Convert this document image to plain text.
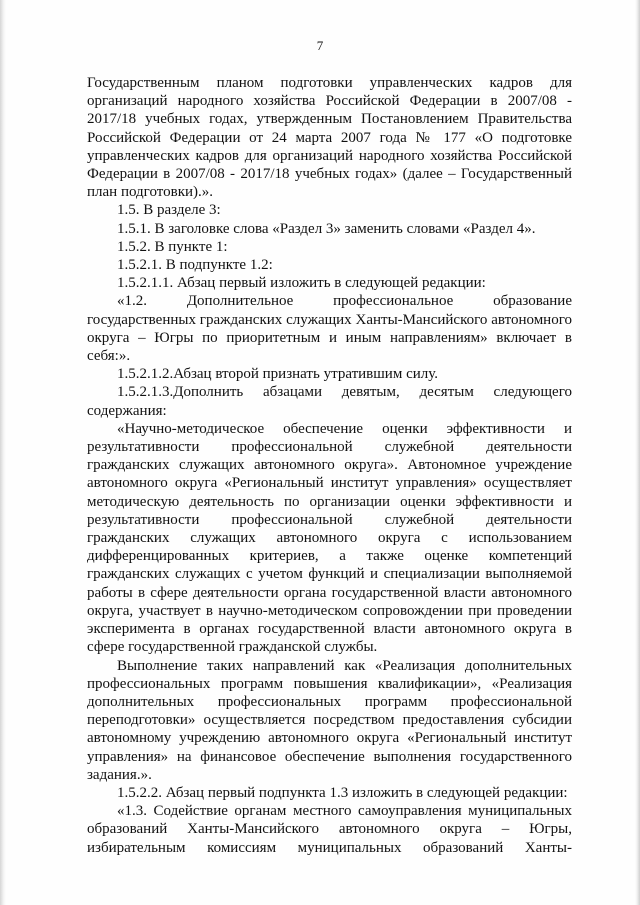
7

Государственным планом подготовки управленческих кадров для организаций народного хозяйства Российской Федерации в 2007/08 - 2017/18 учебных годах, утвержденным Постановлением Правительства Российской Федерации от 24 марта 2007 года № 177 «О подготовке управленческих кадров для организаций народного хозяйства Российской Федерации в 2007/08 - 2017/18 учебных годах» (далее – Государственный план подготовки).».

1.5. В разделе 3:

1.5.1. В заголовке слова «Раздел 3» заменить словами «Раздел 4».

1.5.2. В пункте 1:

1.5.2.1. В подпункте 1.2:

1.5.2.1.1. Абзац первый изложить в следующей редакции:

«1.2. Дополнительное профессиональное образование государственных гражданских служащих Ханты-Мансийского автономного округа – Югры по приоритетным и иным направлениям» включает в себя:».

1.5.2.1.2.Абзац второй признать утратившим силу.

1.5.2.1.3.Дополнить абзацами девятым, десятым следующего содержания:

«Научно-методическое обеспечение оценки эффективности и результативности профессиональной служебной деятельности гражданских служащих автономного округа». Автономное учреждение автономного округа «Региональный институт управления» осуществляет методическую деятельность по организации оценки эффективности и результативности профессиональной служебной деятельности гражданских служащих автономного округа с использованием дифференцированных критериев, а также оценке компетенций гражданских служащих с учетом функций и специализации выполняемой работы в сфере деятельности органа государственной власти автономного округа, участвует в научно-методическом сопровождении при проведении эксперимента в органах государственной власти автономного округа в сфере государственной гражданской службы.

Выполнение таких направлений как «Реализация дополнительных профессиональных программ повышения квалификации», «Реализация дополнительных профессиональных программ профессиональной переподготовки» осуществляется посредством предоставления субсидии автономному учреждению автономного округа «Региональный институт управления» на финансовое обеспечение выполнения государственного задания.».

1.5.2.2. Абзац первый подпункта 1.3 изложить в следующей редакции:

«1.3. Содействие органам местного самоуправления муниципальных образований Ханты-Мансийского автономного округа – Югры, избирательным комиссиям муниципальных образований Ханты-
